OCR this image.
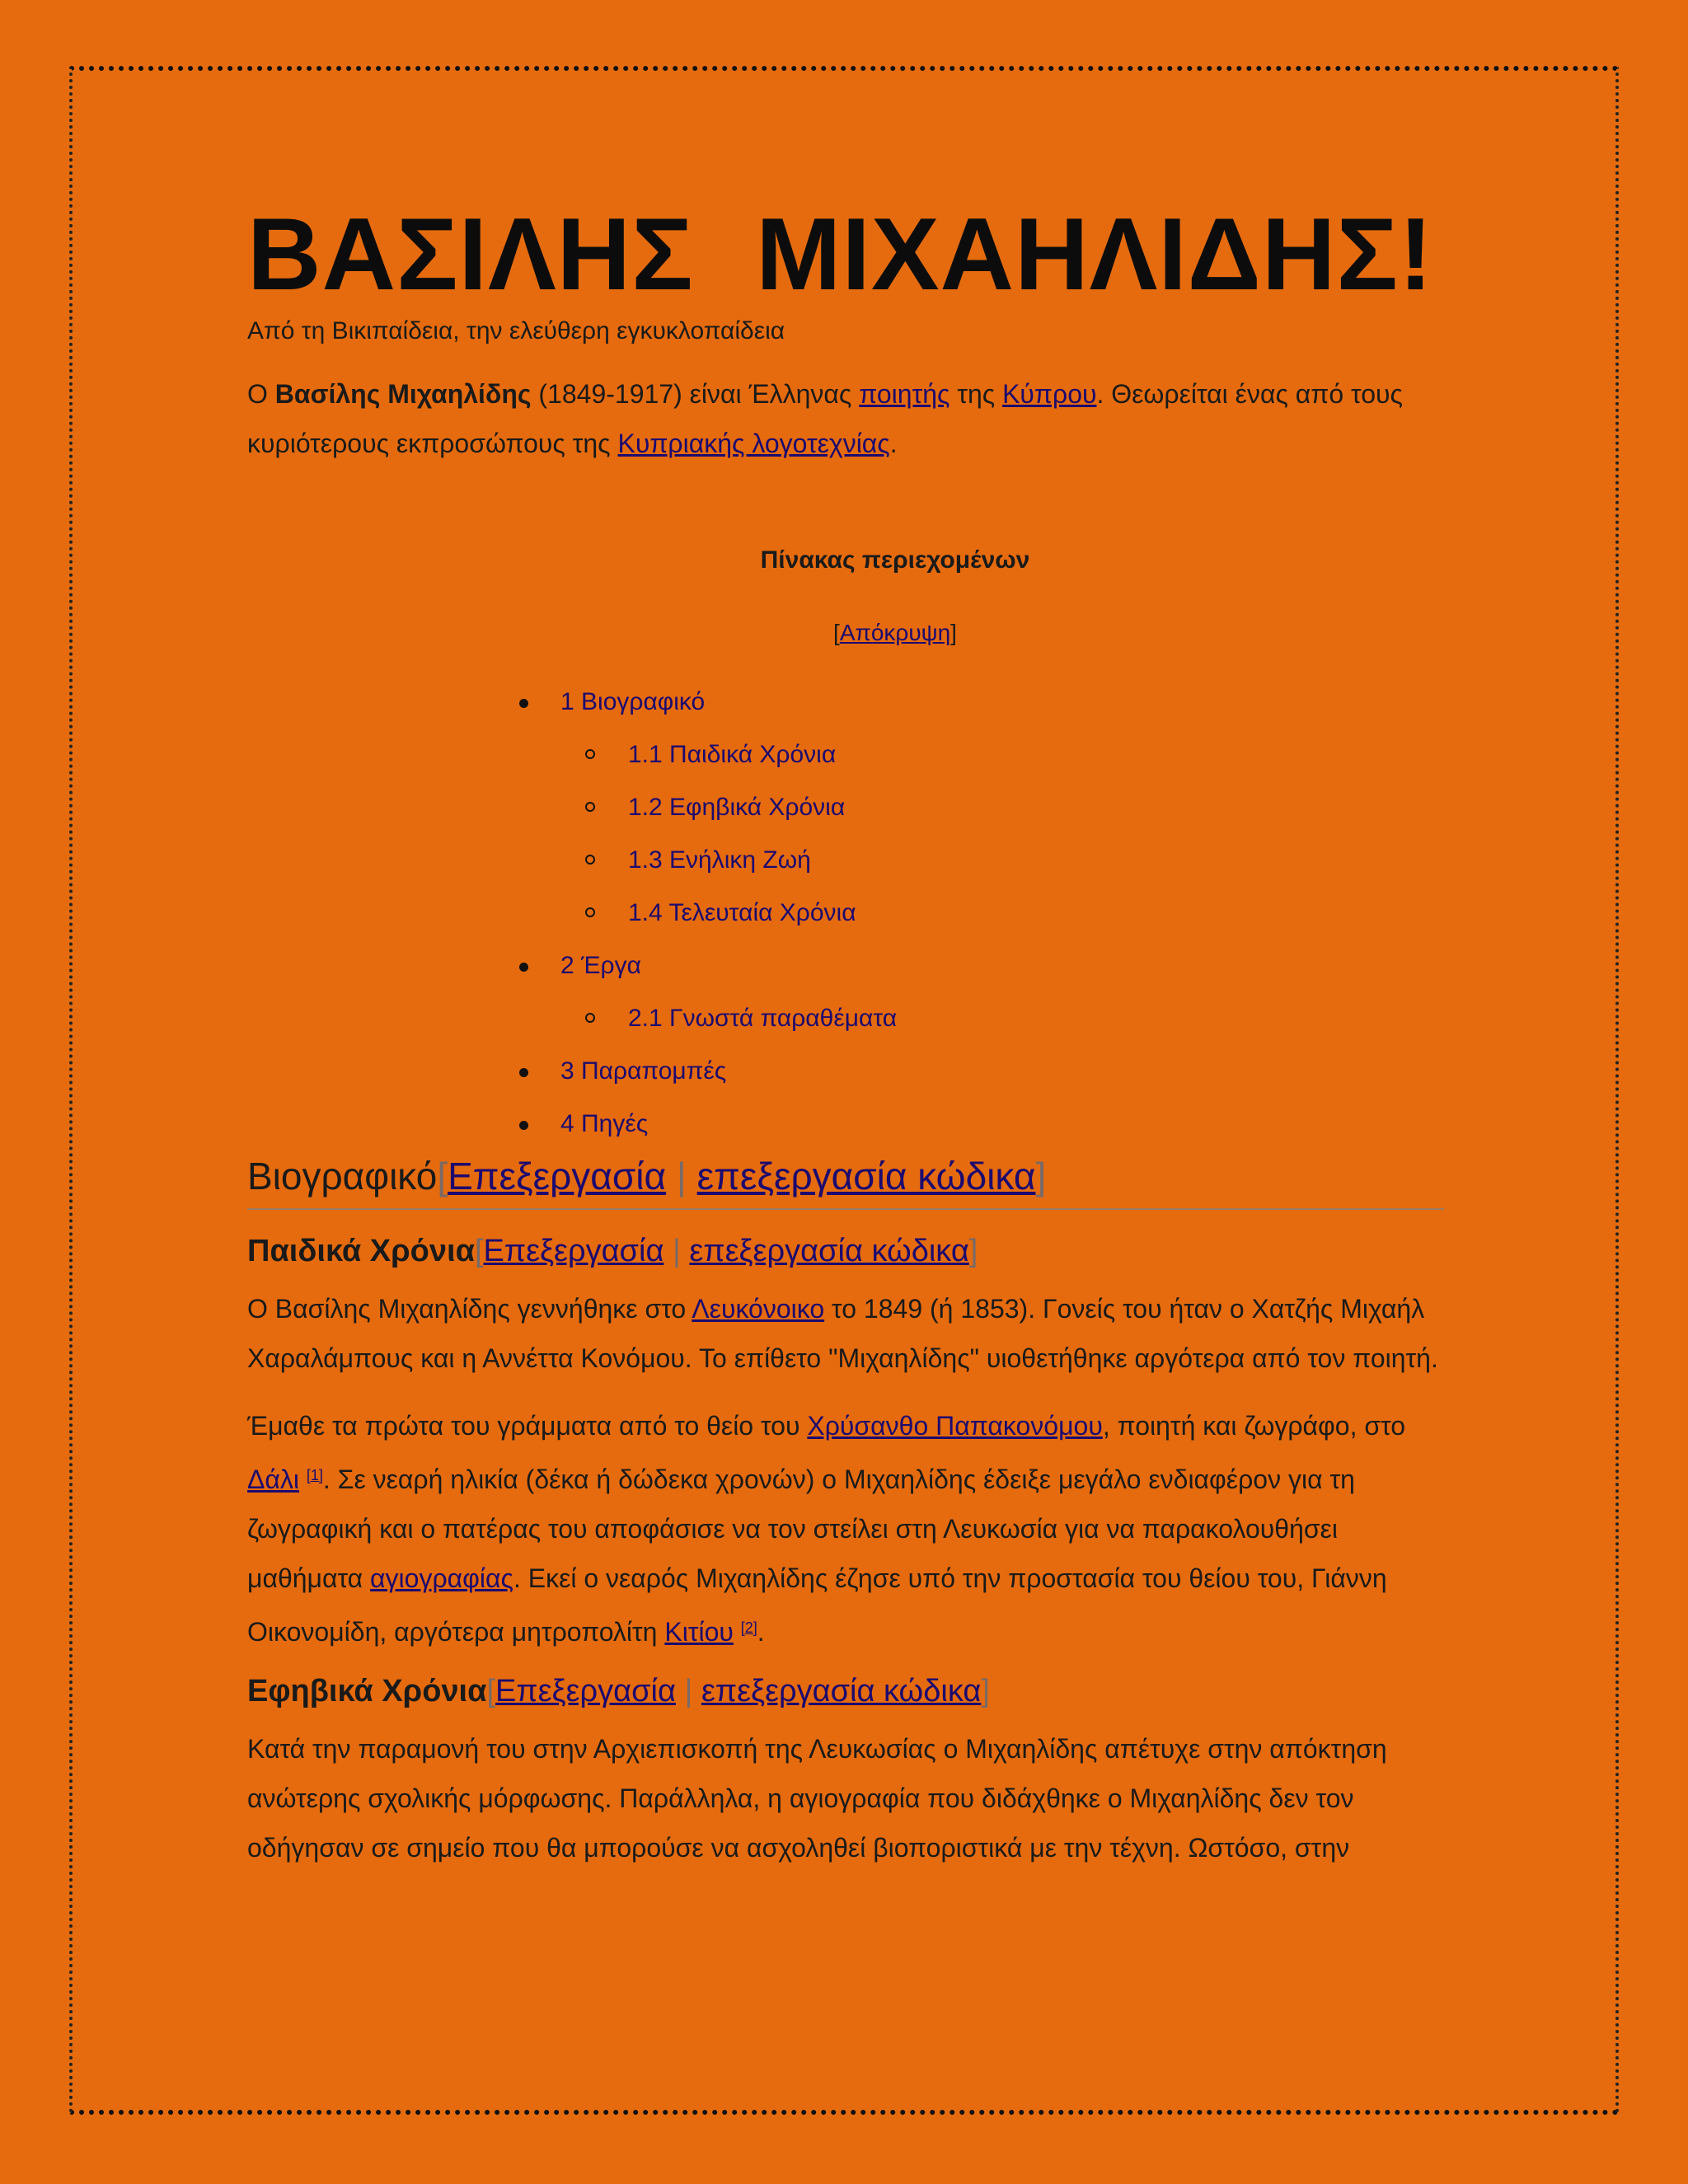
ΒΑΣΙΛΗΣ ΜΙΧΑΗΛΙΔΗΣ!
Από τη Βικιπαίδεια, την ελεύθερη εγκυκλοπαίδεια

Ο Βασίλης Μιχαηλίδης (1849-1917) είναι Έλληνας ποιητής της Κύπρου. Θεωρείται ένας από τους κυριότερους εκπροσώπους της Κυπριακής λογοτεχνίας.

Πίνακας περιεχομένων
[Απόκρυψη]
1 Βιογραφικό
1.1 Παιδικά Χρόνια
1.2 Εφηβικά Χρόνια
1.3 Ενήλικη Ζωή
1.4 Τελευταία Χρόνια
2 Έργα
2.1 Γνωστά παραθέματα
3 Παραπομπές
4 Πηγές
Βιογραφικό[Επεξεργασία | επεξεργασία κώδικα]
Παιδικά Χρόνια[Επεξεργασία | επεξεργασία κώδικα]

Ο Βασίλης Μιχαηλίδης γεννήθηκε στο Λευκόνοικο το 1849 (ή 1853). Γονείς του ήταν ο Χατζής Μιχαήλ Χαραλάμπους και η Αννέττα Κονόμου. Το επίθετο "Μιχαηλίδης" υιοθετήθηκε αργότερα από τον ποιητή.

Έμαθε τα πρώτα του γράμματα από το θείο του Χρύσανθο Παπακονόμου, ποιητή και ζωγράφο, στο Δάλι [1]. Σε νεαρή ηλικία (δέκα ή δώδεκα χρονών) ο Μιχαηλίδης έδειξε μεγάλο ενδιαφέρον για τη ζωγραφική και ο πατέρας του αποφάσισε να τον στείλει στη Λευκωσία για να παρακολουθήσει μαθήματα αγιογραφίας. Εκεί ο νεαρός Μιχαηλίδης έζησε υπό την προστασία του θείου του, Γιάννη Οικονομίδη, αργότερα μητροπολίτη Κιτίου [2].

Εφηβικά Χρόνια[Επεξεργασία | επεξεργασία κώδικα]

Κατά την παραμονή του στην Αρχιεπισκοπή της Λευκωσίας ο Μιχαηλίδης απέτυχε στην απόκτηση ανώτερης σχολικής μόρφωσης. Παράλληλα, η αγιογραφία που διδάχθηκε ο Μιχαηλίδης δεν τον οδήγησαν σε σημείο που θα μπορούσε να ασχοληθεί βιοποριστικά με την τέχνη. Ωστόσο, στην
